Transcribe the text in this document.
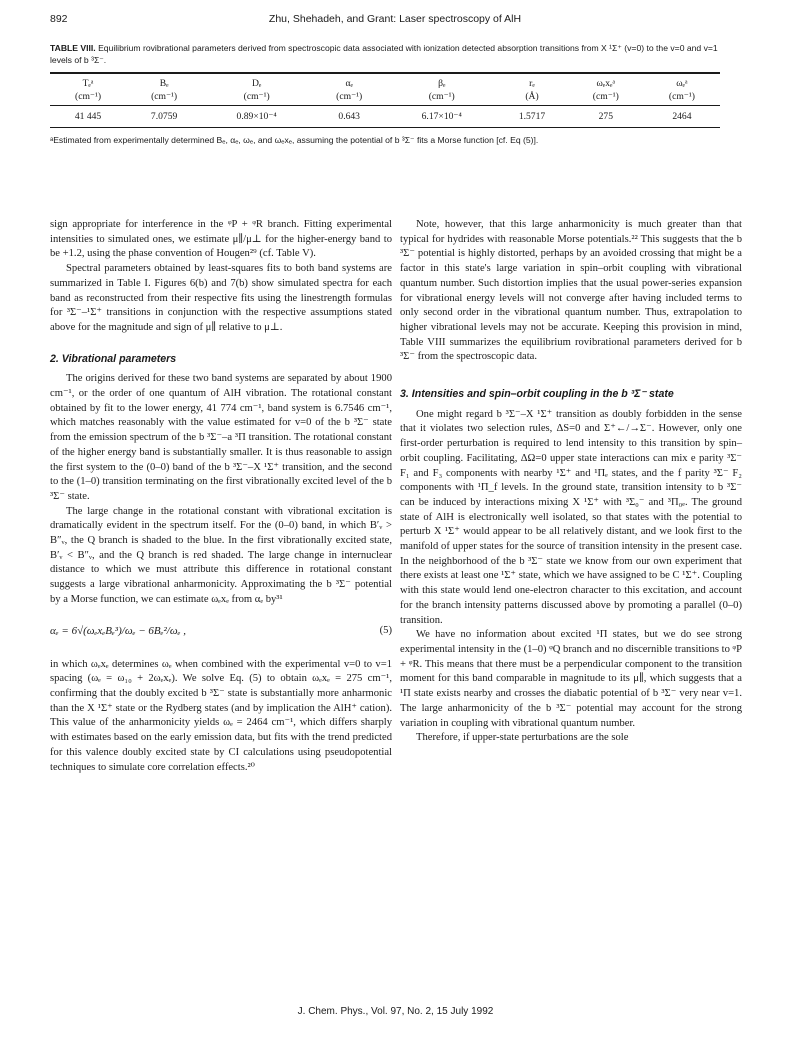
892	Zhu, Shehadeh, and Grant: Laser spectroscopy of AlH

TABLE VIII. Equilibrium rovibrational parameters derived from spectroscopic data associated with ionization detected absorption transitions from X ¹Σ⁺ (v=0) to the v=0 and v=1 levels of b ³Σ⁻.

Tₑᵃ	Bₑ	Dₑ	αₑ	βₑ	rₑ	ωₑxₑᵃ	ωₑᵃ
(cm⁻¹)	(cm⁻¹)	(cm⁻¹)	(cm⁻¹)	(cm⁻¹)	(Å)	(cm⁻¹)	(cm⁻¹)
41 445	7.0759	0.89×10⁻⁴	0.643	6.17×10⁻⁴	1.5717	275	2464

ᵃEstimated from experimentally determined Bₑ, αₑ, ωₑ, and ωₑxₑ, assuming the potential of b ³Σ⁻ fits a Morse function [cf. Eq (5)].

sign appropriate for interference in the ᵠP + ᵠR branch. Fitting experimental intensities to simulated ones, we estimate μ∥/μ⊥ for the higher-energy band to be +1.2, using the phase convention of Hougen²⁹ (cf. Table V).

Spectral parameters obtained by least-squares fits to both band systems are summarized in Table I. Figures 6(b) and 7(b) show simulated spectra for each band as reconstructed from their respective fits using the linestrength formulas for ³Σ⁻–¹Σ⁺ transitions in conjunction with the respective assumptions stated above for the magnitude and sign of μ∥ relative to μ⊥.

2. Vibrational parameters

The origins derived for these two band systems are separated by about 1900 cm⁻¹, or the order of one quantum of AlH vibration. The rotational constant obtained by fit to the lower energy, 41 774 cm⁻¹, band system is 6.7546 cm⁻¹, which matches reasonably with the value estimated for v=0 of the b ³Σ⁻ state from the emission spectrum of the b ³Σ⁻–a ³Π transition. The rotational constant of the higher energy band is substantially smaller. It is thus reasonable to assign the first system to the (0–0) band of the b ³Σ⁻–X ¹Σ⁺ transition, and the second to the (1–0) transition terminating on the first vibrationally excited level of the b ³Σ⁻ state.

The large change in the rotational constant with vibrational excitation is dramatically evident in the spectrum itself. For the (0–0) band, in which B′ᵥ > B″ᵥ, the Q branch is shaded to the blue. In the first vibrationally excited state, B′ᵥ < B″ᵥ, and the Q branch is red shaded. The large change in internuclear distance to which we must attribute this difference in rotational constant suggests a large vibrational anharmonicity. Approximating the b ³Σ⁻ potential by a Morse function, we can estimate ωₑxₑ from αₑ by³¹

αₑ = 6√(ωₑxₑBₑ³)/ωₑ − 6Bₑ²/ωₑ ,	(5)

in which ωₑxₑ determines ωₑ when combined with the experimental v=0 to v=1 spacing (ωₑ = ω₁₀ + 2ωₑxₑ). We solve Eq. (5) to obtain ωₑxₑ = 275 cm⁻¹, confirming that the doubly excited b ³Σ⁻ state is substantially more anharmonic than the X ¹Σ⁺ state or the Rydberg states (and by implication the AlH⁺ cation). This value of the anharmonicity yields ωₑ = 2464 cm⁻¹, which differs sharply with estimates based on the early emission data, but fits with the trend predicted for this valence doubly excited state by CI calculations using pseudopotential techniques to simulate core correlation effects.²⁰

Note, however, that this large anharmonicity is much greater than that typical for hydrides with reasonable Morse potentials.²² This suggests that the b ³Σ⁻ potential is highly distorted, perhaps by an avoided crossing that might be a factor in this state's large variation in spin–orbit coupling with vibrational quantum number. Such distortion implies that the usual power-series expansion for vibrational energy levels will not converge after having included terms to only second order in the vibrational quantum number. Thus, extrapolation to higher vibrational levels may not be accurate. Keeping this provision in mind, Table VIII summarizes the equilibrium rovibrational parameters derived for b ³Σ⁻ from the spectroscopic data.

3. Intensities and spin–orbit coupling in the b ³Σ⁻ state

One might regard b ³Σ⁻–X ¹Σ⁺ transition as doubly forbidden in the sense that it violates two selection rules, ΔS=0 and Σ⁺←/→Σ⁻. However, only one first-order perturbation is required to lend intensity to this transition by spin–orbit coupling. Facilitating, ΔΩ=0 upper state interactions can mix e parity ³Σ⁻ F₁ and F₃ components with nearby ¹Σ⁺ and ¹Πₑ states, and the f parity ³Σ⁻ F₂ components with ¹Π_f levels. In the ground state, transition intensity to b ³Σ⁻ can be induced by interactions mixing X ¹Σ⁺ with ³Σ₀⁻ and ³Π₀ₑ. The ground state of AlH is electronically well isolated, so that states with the potential to perturb X ¹Σ⁺ would appear to be all relatively distant, and we look first to the manifold of upper states for the source of transition intensity in the present case. In the neighborhood of the b ³Σ⁻ state we know from our own experiment that there exists at least one ¹Σ⁺ state, which we have assigned to be C ¹Σ⁺. Coupling with this state would lend one-electron character to this excitation, and account for the branch intensity patterns discussed above by promoting a parallel (0–0) transition.

We have no information about excited ¹Π states, but we do see strong experimental intensity in the (1–0) ᵠQ branch and no discernible transitions to ᵠP + ᵠR. This means that there must be a perpendicular component to the transition moment for this band comparable in magnitude to its μ∥, which suggests that a ¹Π state exists nearby and crosses the diabatic potential of b ³Σ⁻ very near v=1. The large anharmonicity of the b ³Σ⁻ potential may account for the strong variation in coupling with vibrational quantum number.

Therefore, if upper-state perturbations are the sole

J. Chem. Phys., Vol. 97, No. 2, 15 July 1992
